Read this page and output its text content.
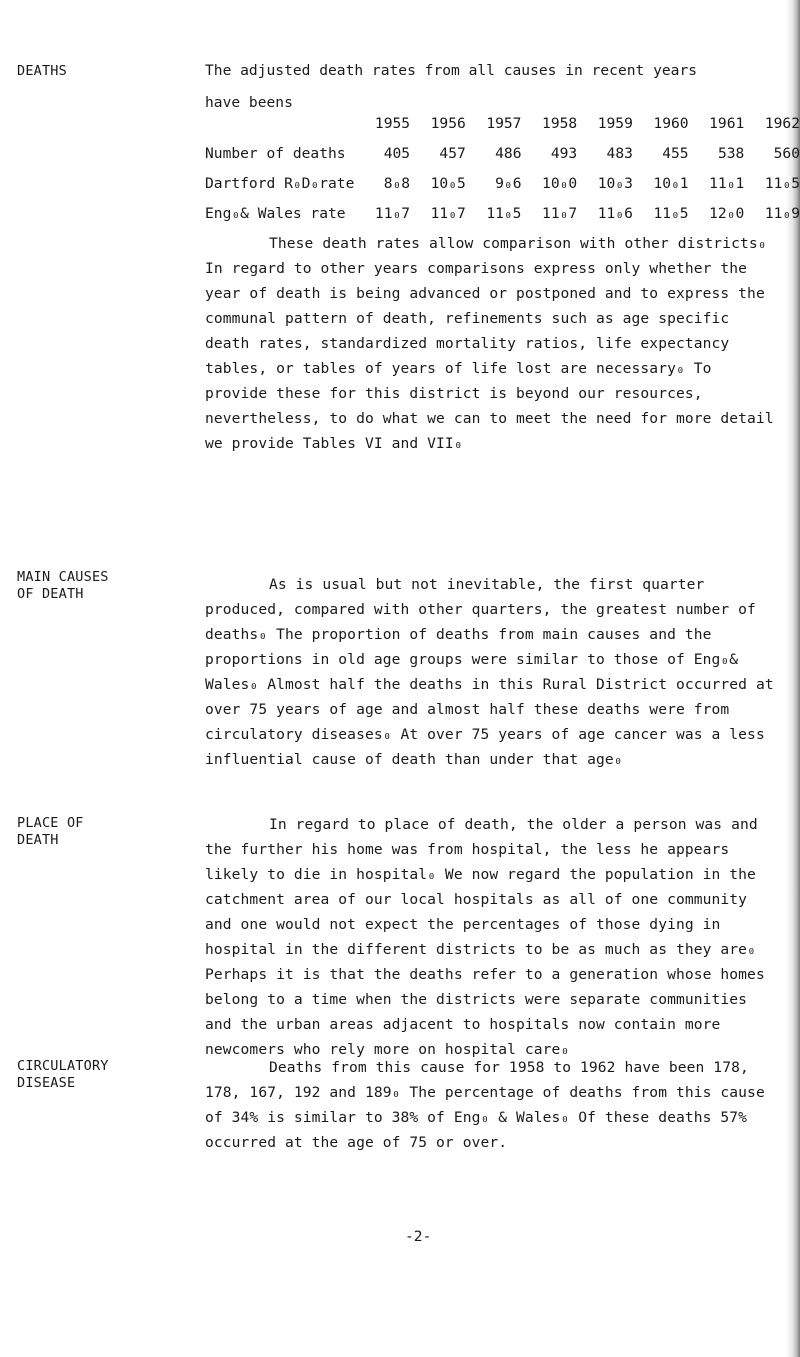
DEATHS	The adjusted death rates from all causes in recent years

have beens

	1955	1956	1957	1958	1959	1960	1961	1962
Number of deaths	405	457	486	493	483	455	538	560
Dartford R₀D₀rate	8₀8	10₀5	9₀6	10₀0	10₀3	10₀1	11₀1	11₀5
Eng₀& Wales rate	11₀7	11₀7	11₀5	11₀7	11₀6	11₀5	12₀0	11₀9

These death rates allow comparison with other districts₀ In regard to other years comparisons express only whether the year of death is being advanced or postponed and to express the communal pattern of death, refinements such as age specific death rates, standardized mortality ratios, life expectancy tables, or tables of years of life lost are necessary₀ To provide these for this district is beyond our resources, nevertheless, to do what we can to meet the need for more detail we provide Tables VI and VII₀

MAIN CAUSES
OF DEATH

As is usual but not inevitable, the first quarter produced, compared with other quarters, the greatest number of deaths₀ The proportion of deaths from main causes and the proportions in old age groups were similar to those of Eng₀& Wales₀ Almost half the deaths in this Rural District occurred at over 75 years of age and almost half these deaths were from circulatory diseases₀ At over 75 years of age cancer was a less influential cause of death than under that age₀

PLACE OF
DEATH

In regard to place of death, the older a person was and the further his home was from hospital, the less he appears likely to die in hospital₀ We now regard the population in the catchment area of our local hospitals as all of one community and one would not expect the percentages of those dying in hospital in the different districts to be as much as they are₀ Perhaps it is that the deaths refer to a generation whose homes belong to a time when the districts were separate communities and the urban areas adjacent to hospitals now contain more newcomers who rely more on hospital care₀

CIRCULATORY
DISEASE

Deaths from this cause for 1958 to 1962 have been 178, 178, 167, 192 and 189₀ The percentage of deaths from this cause of 34% is similar to 38% of Eng₀ & Wales₀ Of these deaths 57% occurred at the age of 75 or over.

-2-
